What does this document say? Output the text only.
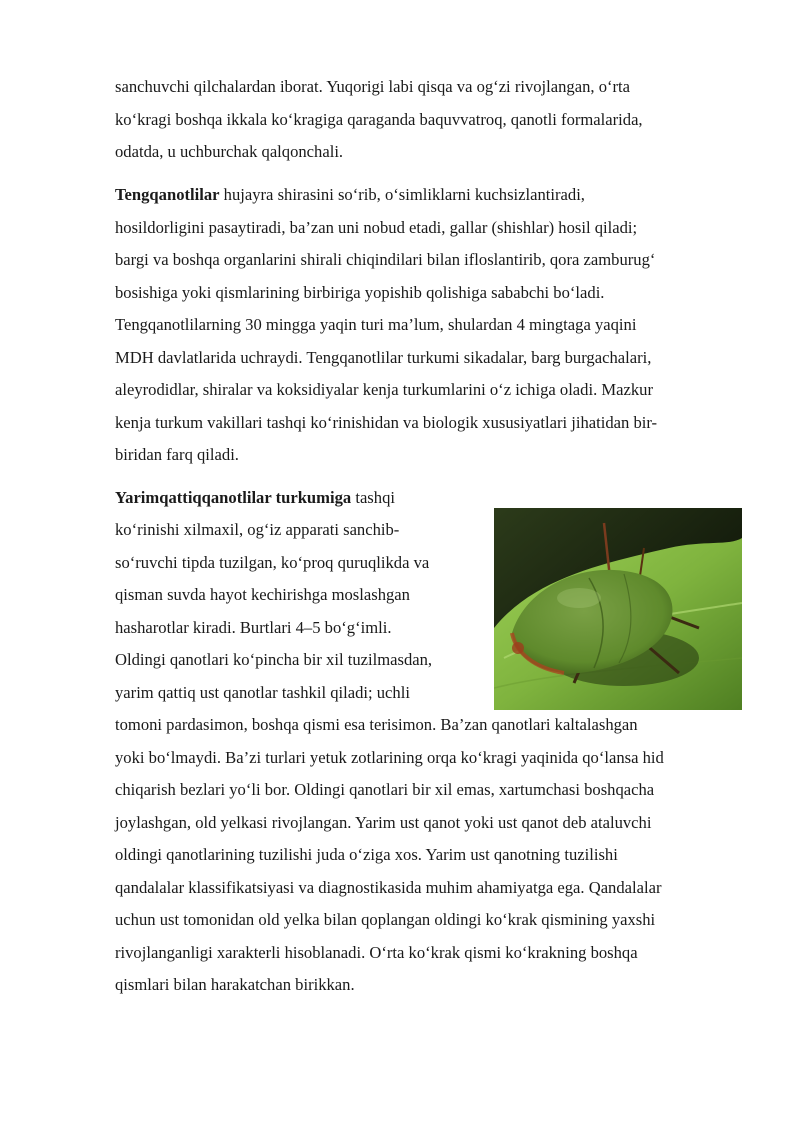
sanchuvchi qilchalardan iborat. Yuqorigi labi qisqa va og‘zi rivojlangan, o‘rta
ko‘kragi boshqa ikkala ko‘kragiga qaraganda baquvvatroq, qanotli formalarida,
odatda, u uchburchak qalqonchali.
Tengqanotlilar hujayra shirasini so‘rib, o‘simliklarni kuchsizlantiradi,
hosildorligini pasaytiradi, ba’zan uni nobud etadi, gallar (shishlar) hosil qiladi;
bargi va boshqa organlarini shirali chiqindilari bilan ifloslantirib, qora zamburug‘
bosishiga yoki qismlarining birbiriga yopishib qolishiga sababchi bo‘ladi.
Tengqanotlilarning 30 mingga yaqin turi ma’lum, shulardan 4 mingtaga yaqini
MDH davlatlarida uchraydi. Tengqanotlilar turkumi sikadalar, barg burgachalari,
aleyrodidlar, shiralar va koksidiyalar kenja turkumlarini o‘z ichiga oladi. Mazkur
kenja turkum vakillari tashqi ko‘rinishidan va biologik xususiyatlari jihatidan bir-
biridan farq qiladi.
Yarimqattiqqanotlilar turkumiga tashqi
ko‘rinishi xilmaxil, og‘iz apparati sanchib-
so‘ruvchi tipda tuzilgan, ko‘proq quruqlikda va
qisman suvda hayot kechirishga moslashgan
hasharotlar kiradi. Burtlari 4–5 bo‘g‘imli.
Oldingi qanotlari ko‘pincha bir xil tuzilmasdan,
yarim qattiq ust qanotlar tashkil qiladi; uchli
tomoni pardasimon, boshqa qismi esa terisimon. Ba’zan qanotlari kaltalashgan
yoki bo‘lmaydi. Ba’zi turlari yetuk zotlarining orqa ko‘kragi yaqinida qo‘lansa hid
chiqarish bezlari yo‘li bor. Oldingi qanotlari bir xil emas, xartumchasi boshqacha
joylashgan, old yelkasi rivojlangan. Yarim ust qanot yoki ust qanot deb ataluvchi
oldingi qanotlarining tuzilishi juda o‘ziga xos. Yarim ust qanotning tuzilishi
qandalalar klassifikatsiyasi va diagnostikasida muhim ahamiyatga ega. Qandalalar
uchun ust tomonidan old yelka bilan qoplangan oldingi ko‘krak qismining yaxshi
rivojlanganligi xarakterli hisoblanadi. O‘rta ko‘krak qismi ko‘krakning boshqa
qismlari bilan harakatchan birikkan.
